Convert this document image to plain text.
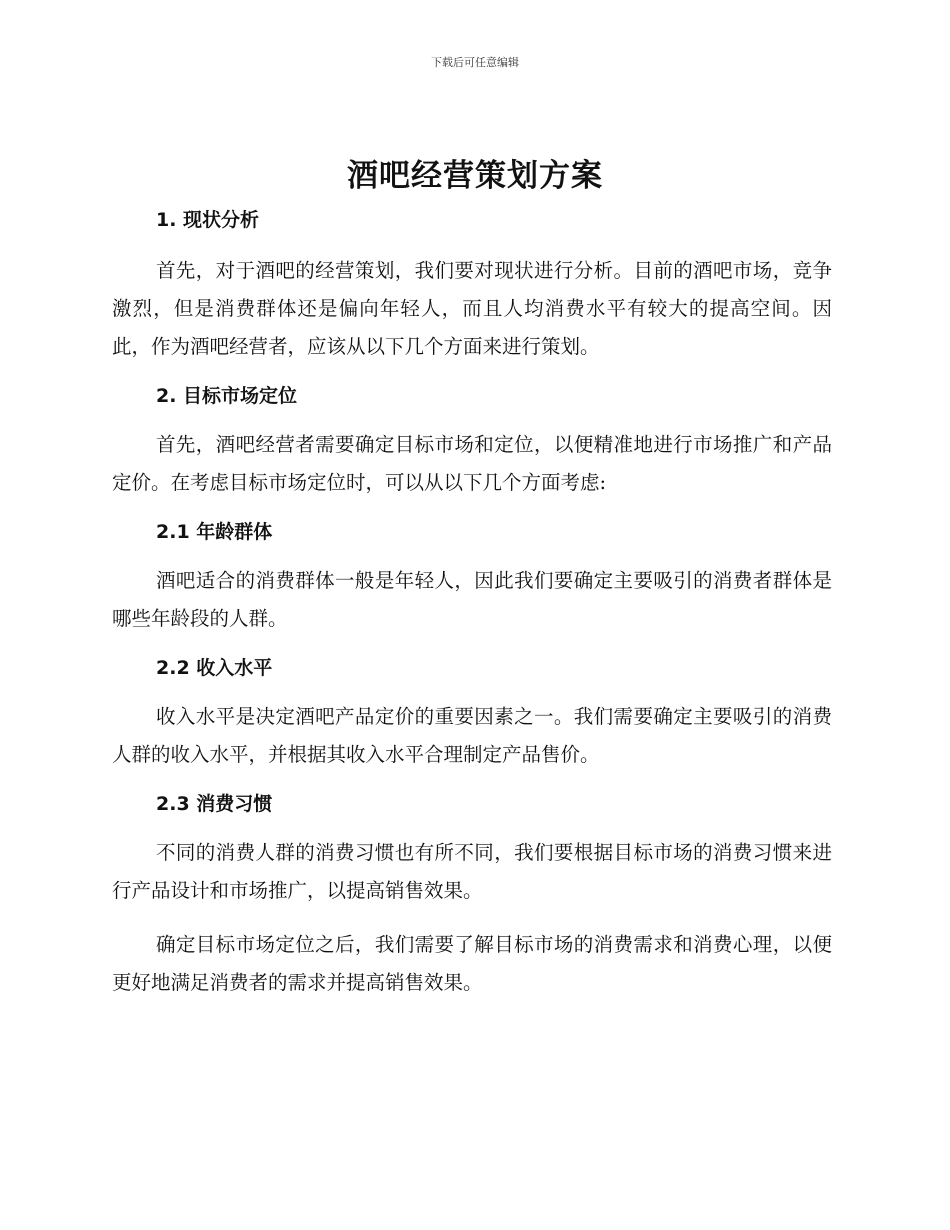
下载后可任意编辑
酒吧经营策划方案

1. 现状分析

首先，对于酒吧的经营策划，我们要对现状进行分析。目前的酒吧市场，竞争激烈，但是消费群体还是偏向年轻人，而且人均消费水平有较大的提高空间。因此，作为酒吧经营者，应该从以下几个方面来进行策划。

2. 目标市场定位

首先，酒吧经营者需要确定目标市场和定位，以便精准地进行市场推广和产品定价。在考虑目标市场定位时，可以从以下几个方面考虑:

2.1 年龄群体

酒吧适合的消费群体一般是年轻人，因此我们要确定主要吸引的消费者群体是哪些年龄段的人群。

2.2 收入水平

收入水平是决定酒吧产品定价的重要因素之一。我们需要确定主要吸引的消费人群的收入水平，并根据其收入水平合理制定产品售价。

2.3 消费习惯

不同的消费人群的消费习惯也有所不同，我们要根据目标市场的消费习惯来进行产品设计和市场推广，以提高销售效果。

确定目标市场定位之后，我们需要了解目标市场的消费需求和消费心理，以便更好地满足消费者的需求并提高销售效果。
